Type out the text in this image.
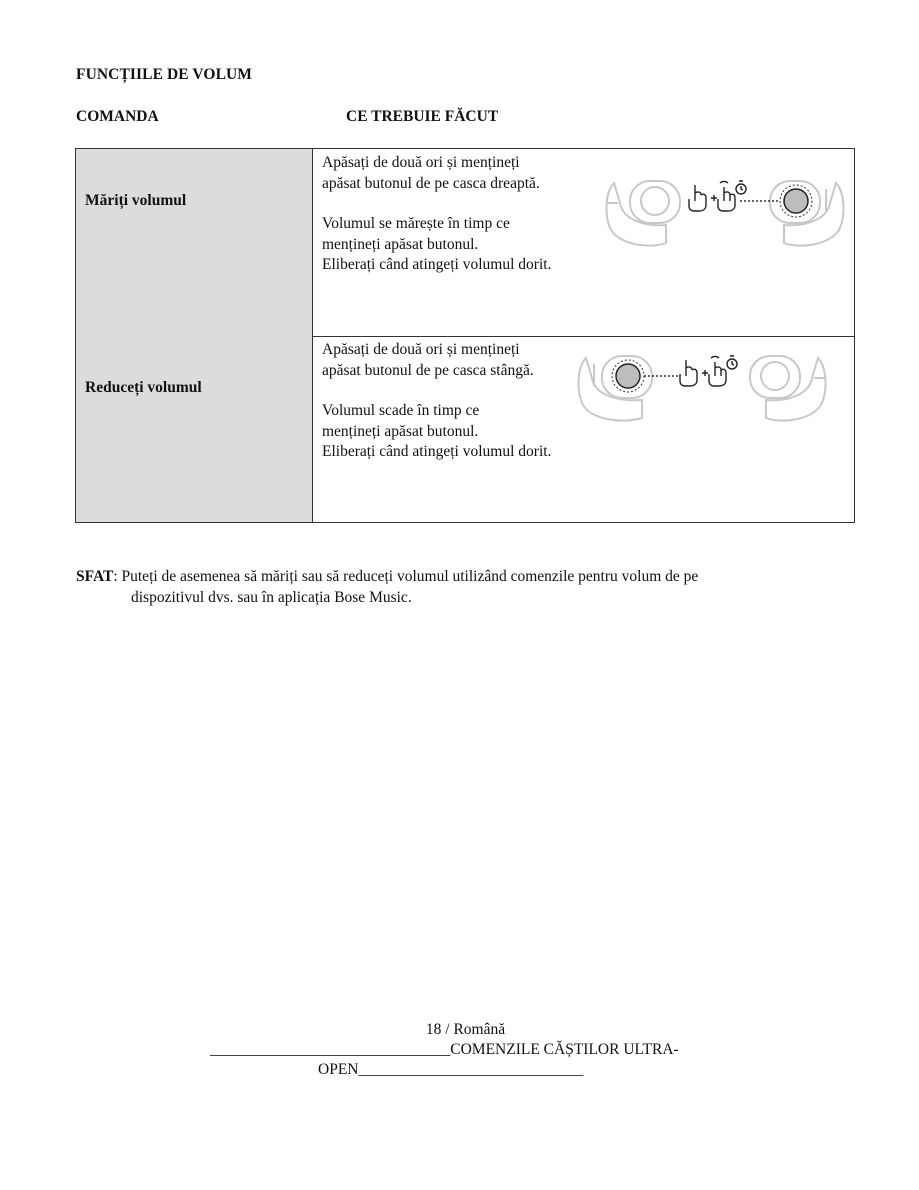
FUNCȚIILE DE VOLUM
COMANDA	CE TREBUIE FĂCUT
Măriți volumul
Apăsați de două ori și mențineți
apăsat butonul de pe casca dreaptă.
Volumul se mărește în timp ce
mențineți apăsat butonul.
Eliberați când atingeți volumul dorit.
Reduceți volumul
Apăsați de două ori și mențineți
apăsat butonul de pe casca stângă.
Volumul scade în timp ce
mențineți apăsat butonul.
Eliberați când atingeți volumul dorit.
SFAT: Puteți de asemenea să măriți sau să reduceți volumul utilizând comenzile pentru volum de pe
dispozitivul dvs. sau în aplicația Bose Music.
18 / Română
_______________________________COMENZILE CĂȘTILOR ULTRA-
OPEN_____________________________
